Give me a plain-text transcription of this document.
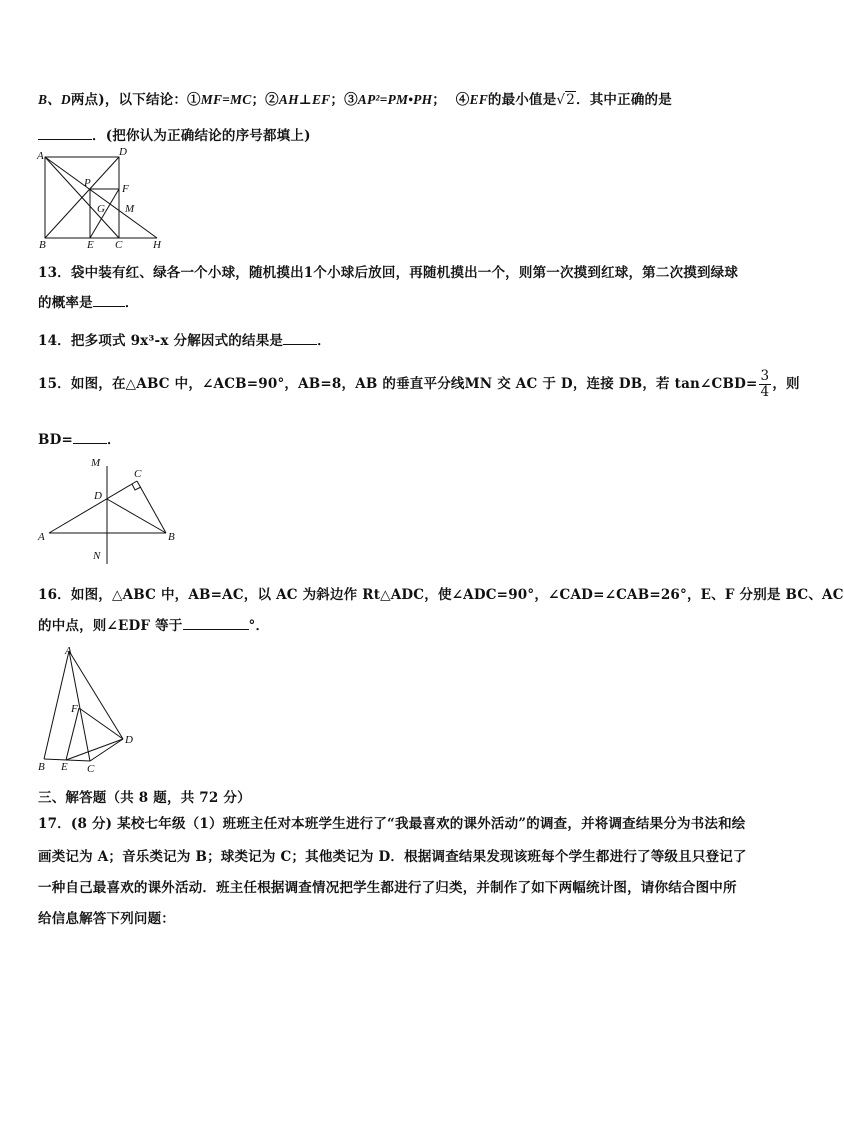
B、D两点)，以下结论：①MF=MC；②AH⊥EF；③AP²=PM•PH；  ④EF的最小值是√2．其中正确的是
．(把你认为正确结论的序号都填上)
A	D
P	F
G M
B	E C	H
13．袋中装有红、绿各一个小球，随机摸出1个小球后放回，再随机摸出一个，则第一次摸到红球，第二次摸到绿球
的概率是 ．
14．把多项式 9x³-x 分解因式的结果是	．
15．如图，在△ABC 中，∠ACB=90°，AB=8，AB 的垂直平分线MN 交 AC 于 D，连接 DB，若 tan∠CBD= $\frac{3}{4}$ ，则
BD=	．
M
C
D
A	B
N
16．如图，△ABC 中，AB=AC，以 AC 为斜边作 Rt△ADC，使∠ADC=90°，∠CAD=∠CAB=26°，E、F 分别是 BC、AC
的中点，则∠EDF 等于	°．
A
F
D
B E C
三、解答题（共 8 题，共 72 分）
17．(8 分) 某校七年级（1）班班主任对本班学生进行了“我最喜欢的课外活动”的调查，并将调查结果分为书法和绘
画类记为 A；音乐类记为 B；球类记为 C；其他类记为 D．根据调查结果发现该班每个学生都进行了等级且只登记了
一种自己最喜欢的课外活动．班主任根据调查情况把学生都进行了归类，并制作了如下两幅统计图，请你结合图中所
给信息解答下列问题：
